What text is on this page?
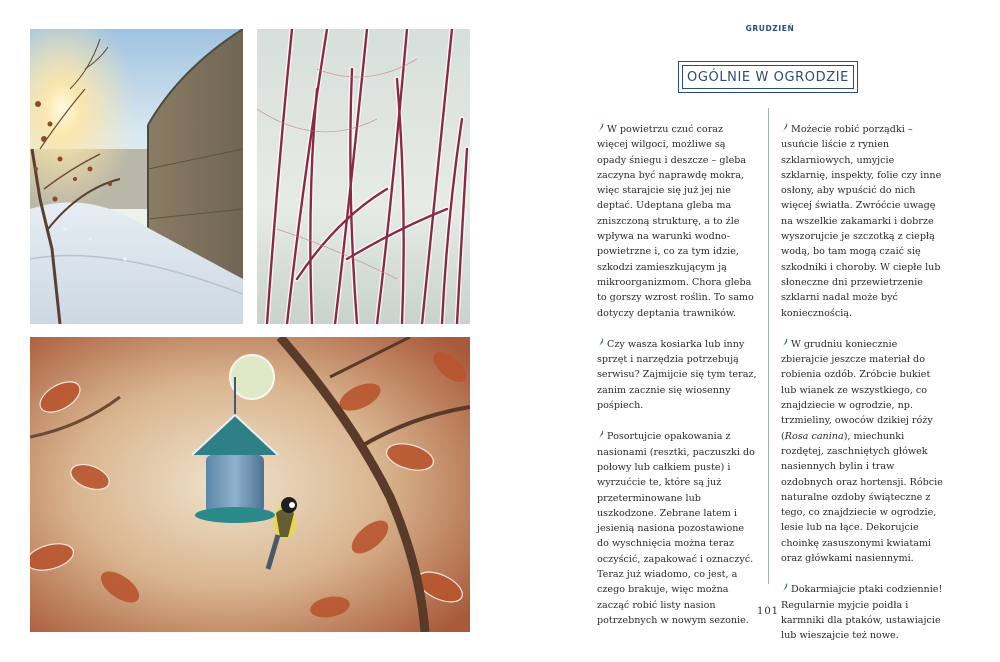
GRUDZIEŃ
OGÓLNIE W OGRODZIE

W powietrzu czuć coraz więcej wilgoci, możliwe są opady śniegu i deszcze – gleba zaczyna być naprawdę mokra, więc starajcie się już jej nie deptać. Udeptana gleba ma zniszczoną strukturę, a to źle wpływa na warunki wodno-powietrzne i, co za tym idzie, szkodzi zamieszkującym ją mikroorganizmom. Chora gleba to gorszy wzrost roślin. To samo dotyczy deptania trawników.

Czy wasza kosiarka lub inny sprzęt i narzędzia potrzebują serwisu? Zajmijcie się tym teraz, zanim zacznie się wiosenny pośpiech.

Posortujcie opakowania z nasionami (resztki, paczuszki do połowy lub całkiem puste) i wyrzućcie te, które są już przeterminowane lub uszkodzone. Zebrane latem i jesienią nasiona pozostawione do wyschnięcia można teraz oczyścić, zapakować i oznaczyć. Teraz już wiadomo, co jest, a czego brakuje, więc można zacząć robić listy nasion potrzebnych w nowym sezonie.

Możecie robić porządki – usuńcie liście z rynien szklarniowych, umyjcie szklarnię, inspekty, folie czy inne osłony, aby wpuścić do nich więcej światła. Zwróćcie uwagę na wszelkie zakamarki i dobrze wyszorujcie je szczotką z ciepłą wodą, bo tam mogą czaić się szkodniki i choroby. W ciepłe lub słoneczne dni przewietrzenie szklarni nadal może być koniecznością.

W grudniu koniecznie zbierajcie jeszcze materiał do robienia ozdób. Zróbcie bukiet lub wianek ze wszystkiego, co znajdziecie w ogrodzie, np. trzmieliny, owoców dzikiej róży (Rosa canina), miechunki rozdętej, zaschniętych główek nasiennych bylin i traw ozdobnych oraz hortensji. Róbcie naturalne ozdoby świąteczne z tego, co znajdziecie w ogrodzie, lesie lub na łące. Dekorujcie choinkę zasuszonymi kwiatami oraz główkami nasiennymi.

Dokarmiajcie ptaki codziennie! Regularnie myjcie poidła i karmniki dla ptaków, ustawiajcie lub wieszajcie też nowe.

101
